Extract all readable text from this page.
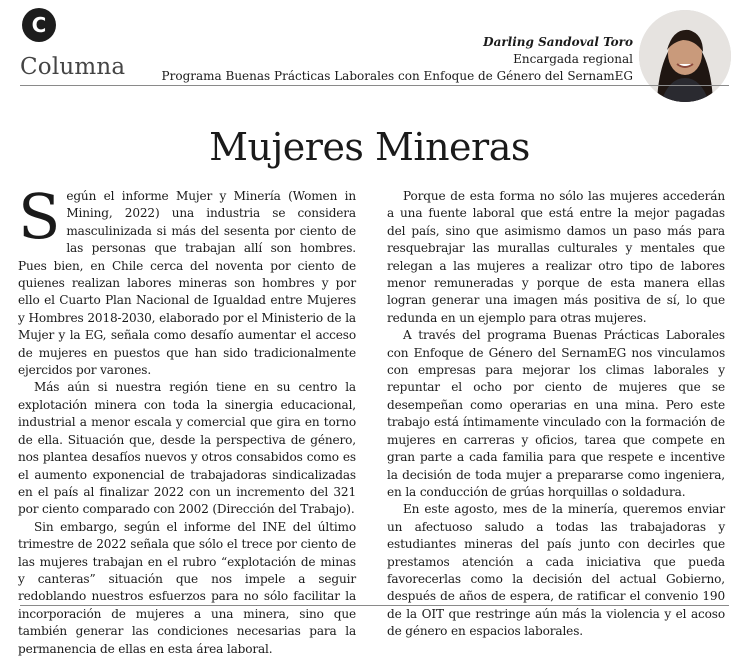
C
Columna
Darling Sandoval Toro
Encargada regional
Programa Buenas Prácticas Laborales con Enfoque de Género del SernamEG
Mujeres Mineras

Según el informe Mujer y Minería (Women in Mining, 2022) una industria se considera masculinizada si más del sesenta por ciento de las personas que trabajan allí son hombres. Pues bien, en Chile cerca del noventa por ciento de quienes realizan labores mineras son hombres y por ello el Cuarto Plan Nacional de Igualdad entre Mujeres y Hombres 2018-2030, elaborado por el Ministerio de la Mujer y la EG, señala como desafío aumentar el acceso de mujeres en puestos que han sido tradicionalmente ejercidos por varones.

Más aún si nuestra región tiene en su centro la explotación minera con toda la sinergia educacional, industrial a menor escala y comercial que gira en torno de ella. Situación que, desde la perspectiva de género, nos plantea desafíos nuevos y otros consabidos como es el aumento exponencial de trabajadoras sindicalizadas en el país al finalizar 2022 con un incremento del 321 por ciento comparado con 2002 (Dirección del Trabajo).

Sin embargo, según el informe del INE del último trimestre de 2022 señala que sólo el trece por ciento de las mujeres trabajan en el rubro “explotación de minas y canteras” situación que nos impele a seguir redoblando nuestros esfuerzos para no sólo facilitar la incorporación de mujeres a una minera, sino que también generar las condiciones necesarias para la permanencia de ellas en esta área laboral.

Porque de esta forma no sólo las mujeres accederán a una fuente laboral que está entre la mejor pagadas del país, sino que asimismo damos un paso más para resquebrajar las murallas culturales y mentales que relegan a las mujeres a realizar otro tipo de labores menor remuneradas y porque de esta manera ellas logran generar una imagen más positiva de sí, lo que redunda en un ejemplo para otras mujeres.

A través del programa Buenas Prácticas Laborales con Enfoque de Género del SernamEG nos vinculamos con empresas para mejorar los climas laborales y repuntar el ocho por ciento de mujeres que se desempeñan como operarias en una mina. Pero este trabajo está íntimamente vinculado con la formación de mujeres en carreras y oficios, tarea que compete en gran parte a cada familia para que respete e incentive la decisión de toda mujer a prepararse como ingeniera, en la conducción de grúas horquillas o soldadura.

En este agosto, mes de la minería, queremos enviar un afectuoso saludo a todas las trabajadoras y estudiantes mineras del país junto con decirles que prestamos atención a cada iniciativa que pueda favorecerlas como la decisión del actual Gobierno, después de años de espera, de ratificar el convenio 190 de la OIT que restringe aún más la violencia y el acoso de género en espacios laborales.
